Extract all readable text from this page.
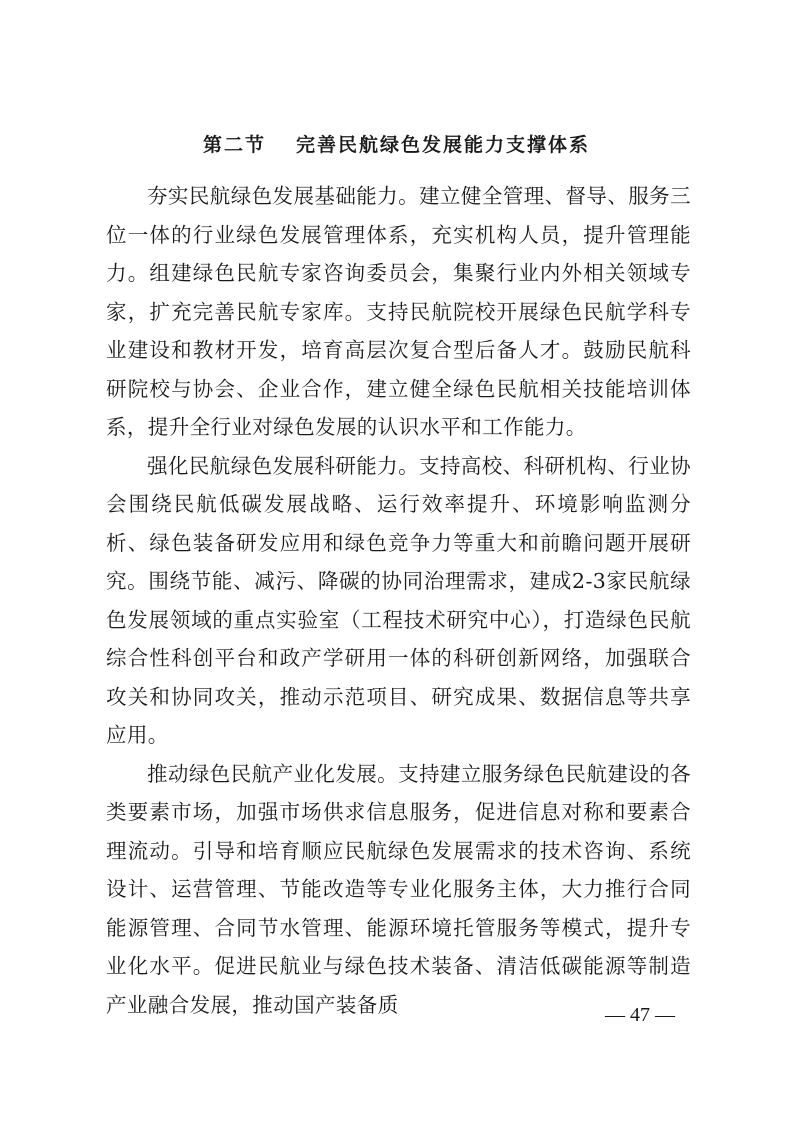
第二节 完善民航绿色发展能力支撑体系

夯实民航绿色发展基础能力。建立健全管理、督导、服务三位一体的行业绿色发展管理体系，充实机构人员，提升管理能力。组建绿色民航专家咨询委员会，集聚行业内外相关领域专家，扩充完善民航专家库。支持民航院校开展绿色民航学科专业建设和教材开发，培育高层次复合型后备人才。鼓励民航科研院校与协会、企业合作，建立健全绿色民航相关技能培训体系，提升全行业对绿色发展的认识水平和工作能力。

强化民航绿色发展科研能力。支持高校、科研机构、行业协会围绕民航低碳发展战略、运行效率提升、环境影响监测分析、绿色装备研发应用和绿色竞争力等重大和前瞻问题开展研究。围绕节能、减污、降碳的协同治理需求，建成2-3家民航绿色发展领域的重点实验室（工程技术研究中心），打造绿色民航综合性科创平台和政产学研用一体的科研创新网络，加强联合攻关和协同攻关，推动示范项目、研究成果、数据信息等共享应用。

推动绿色民航产业化发展。支持建立服务绿色民航建设的各类要素市场，加强市场供求信息服务，促进信息对称和要素合理流动。引导和培育顺应民航绿色发展需求的技术咨询、系统设计、运营管理、节能改造等专业化服务主体，大力推行合同能源管理、合同节水管理、能源环境托管服务等模式，提升专业化水平。促进民航业与绿色技术装备、清洁低碳能源等制造产业融合发展，推动国产装备质	— 47 —
